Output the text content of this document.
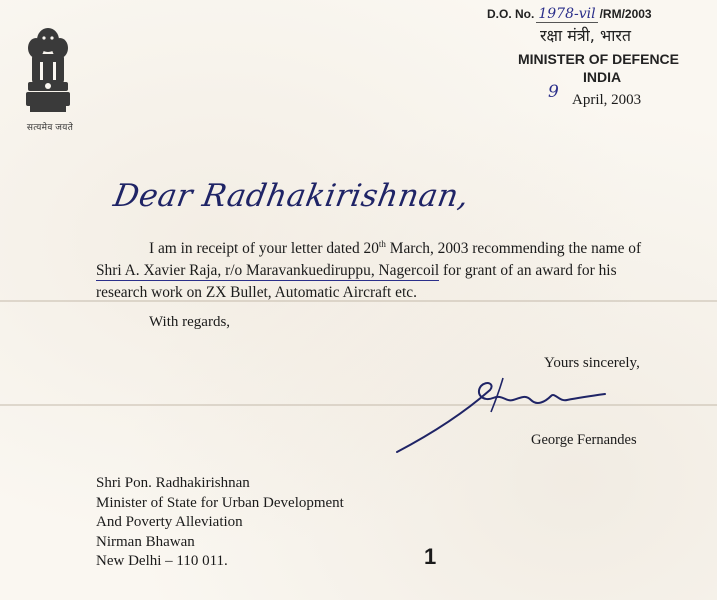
सत्यमेव जयते
D.O. No. 1978-vil /RM/2003
रक्षा मंत्री, भारत
MINISTER OF DEFENCE
INDIA
9 April, 2003
Dear Radhakirishnan,

I am in receipt of your letter dated 20th March, 2003 recommending the name of Shri A. Xavier Raja, r/o Maravankuediruppu, Nagercoil for grant of an award for his research work on ZX Bullet, Automatic Aircraft etc.

With regards,
Yours sincerely,
George Fernandes
Shri Pon. Radhakirishnan
Minister of State for Urban Development
And Poverty Alleviation
Nirman Bhawan
New Delhi – 110 011.	1
